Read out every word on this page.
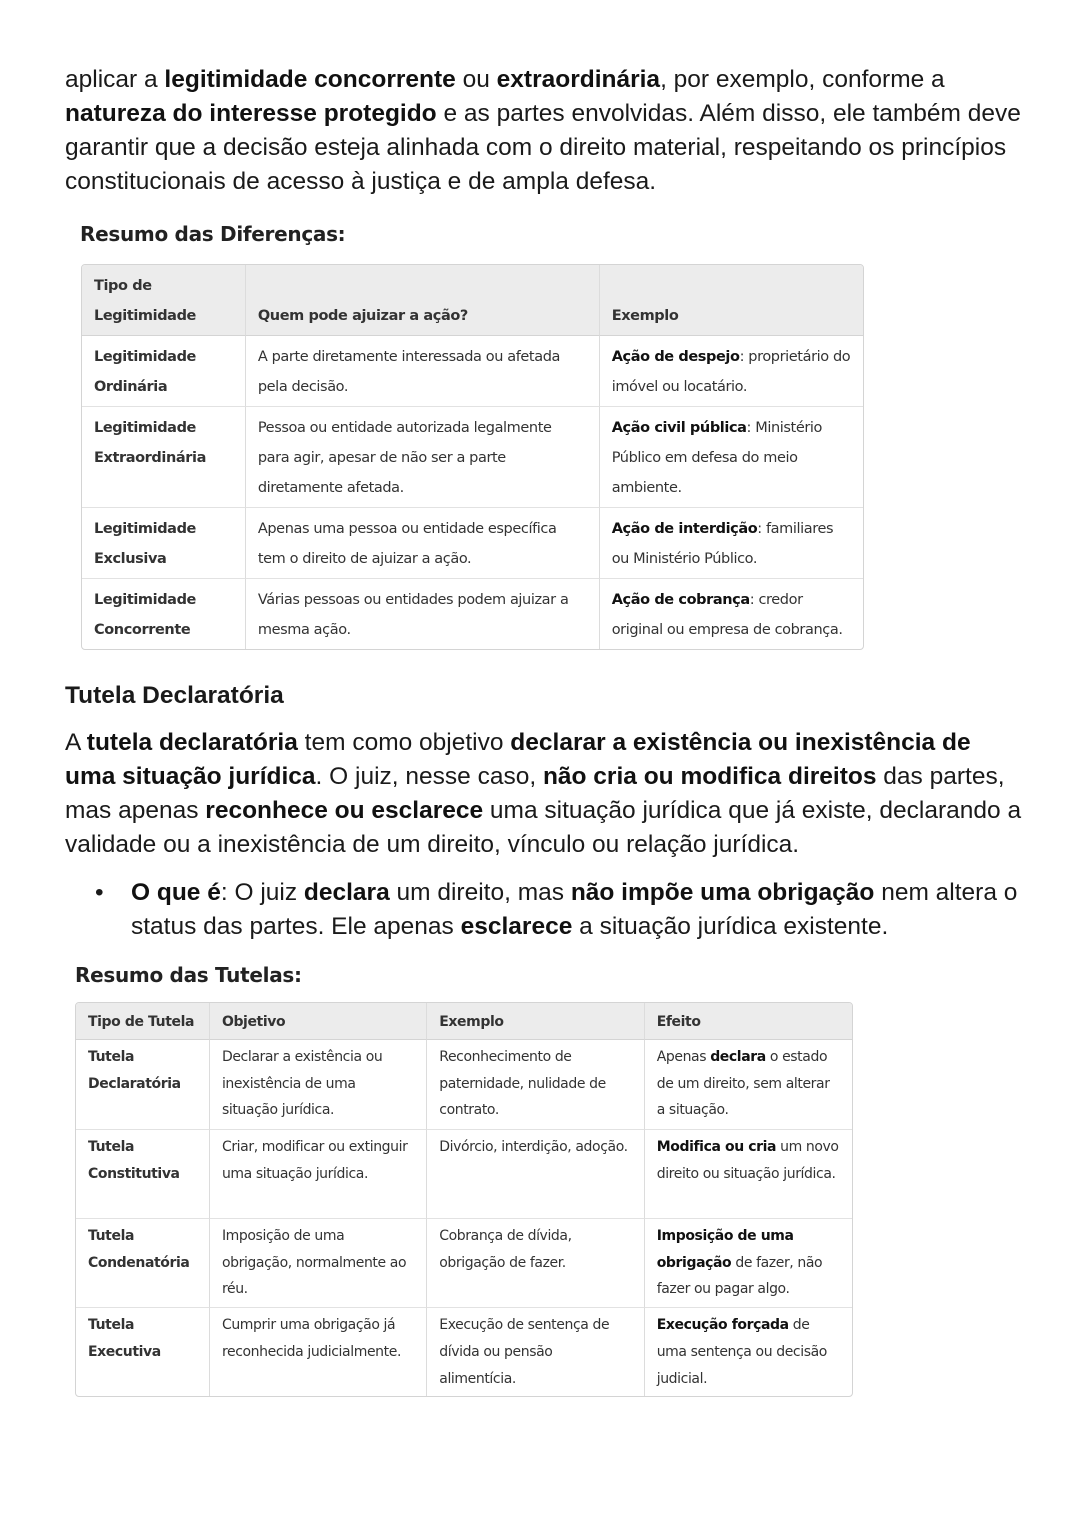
aplicar a legitimidade concorrente ou extraordinária, por exemplo, conforme a natureza do interesse protegido e as partes envolvidas. Além disso, ele também deve garantir que a decisão esteja alinhada com o direito material, respeitando os princípios constitucionais de acesso à justiça e de ampla defesa.

Resumo das Diferenças:
Tipo de Legitimidade	Quem pode ajuizar a ação?	Exemplo
Legitimidade Ordinária	A parte diretamente interessada ou afetada pela decisão.	Ação de despejo: proprietário do imóvel ou locatário.
Legitimidade Extraordinária	Pessoa ou entidade autorizada legalmente para agir, apesar de não ser a parte diretamente afetada.	Ação civil pública: Ministério Público em defesa do meio ambiente.
Legitimidade Exclusiva	Apenas uma pessoa ou entidade específica tem o direito de ajuizar a ação.	Ação de interdição: familiares ou Ministério Público.
Legitimidade Concorrente	Várias pessoas ou entidades podem ajuizar a mesma ação.	Ação de cobrança: credor original ou empresa de cobrança.
Tutela Declaratória

A tutela declaratória tem como objetivo declarar a existência ou inexistência de uma situação jurídica. O juiz, nesse caso, não cria ou modifica direitos das partes, mas apenas reconhece ou esclarece uma situação jurídica que já existe, declarando a validade ou a inexistência de um direito, vínculo ou relação jurídica.

• O que é: O juiz declara um direito, mas não impõe uma obrigação nem altera o status das partes. Ele apenas esclarece a situação jurídica existente.
Resumo das Tutelas:
Tipo de Tutela	Objetivo	Exemplo	Efeito
Tutela Declaratória	Declarar a existência ou inexistência de uma situação jurídica.	Reconhecimento de paternidade, nulidade de contrato.	Apenas declara o estado de um direito, sem alterar a situação.
Tutela Constitutiva	Criar, modificar ou extinguir uma situação jurídica.	Divórcio, interdição, adoção.	Modifica ou cria um novo direito ou situação jurídica.
Tutela Condenatória	Imposição de uma obrigação, normalmente ao réu.	Cobrança de dívida, obrigação de fazer.	Imposição de uma obrigação de fazer, não fazer ou pagar algo.
Tutela Executiva	Cumprir uma obrigação já reconhecida judicialmente.	Execução de sentença de dívida ou pensão alimentícia.	Execução forçada de uma sentença ou decisão judicial.
